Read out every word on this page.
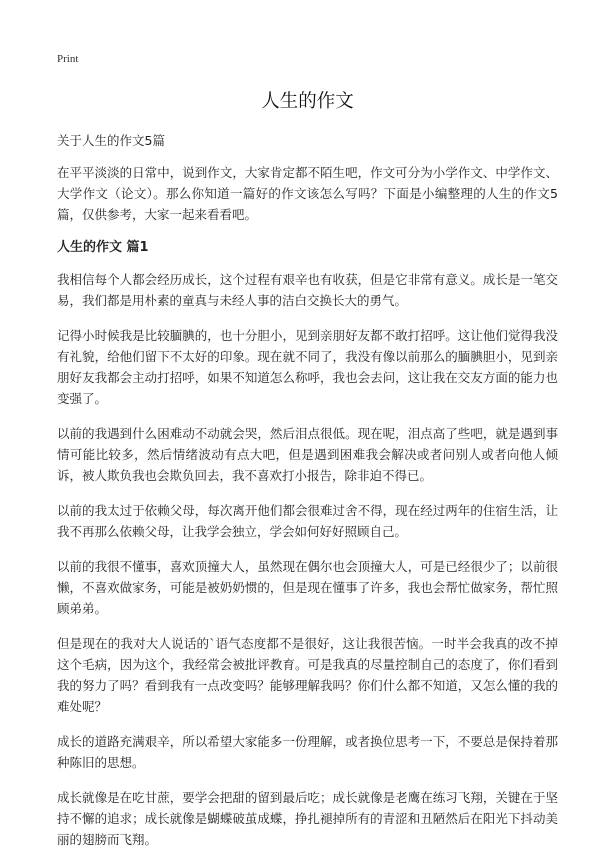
Print
人生的作文

关于人生的作文5篇

在平平淡淡的日常中，说到作文，大家肯定都不陌生吧，作文可分为小学作文、中学作文、大学作文（论文）。那么你知道一篇好的作文该怎么写吗？下面是小编整理的人生的作文5篇，仅供参考，大家一起来看看吧。

人生的作文 篇1

我相信每个人都会经历成长，这个过程有艰辛也有收获，但是它非常有意义。成长是一笔交易，我们都是用朴素的童真与未经人事的洁白交换长大的勇气。

记得小时候我是比较腼腆的，也十分胆小，见到亲朋好友都不敢打招呼。这让他们觉得我没有礼貌，给他们留下不太好的印象。现在就不同了，我没有像以前那么的腼腆胆小，见到亲朋好友我都会主动打招呼，如果不知道怎么称呼，我也会去问，这让我在交友方面的能力也变强了。

以前的我遇到什么困难动不动就会哭，然后泪点很低。现在呢，泪点高了些吧，就是遇到事情可能比较多，然后情绪波动有点大吧，但是遇到困难我会解决或者问别人或者向他人倾诉，被人欺负我也会欺负回去，我不喜欢打小报告，除非迫不得已。

以前的我太过于依赖父母，每次离开他们都会很难过舍不得，现在经过两年的住宿生活，让我不再那么依赖父母，让我学会独立，学会如何好好照顾自己。

以前的我很不懂事，喜欢顶撞大人，虽然现在偶尔也会顶撞大人，可是已经很少了；以前很懒，不喜欢做家务，可能是被奶奶惯的，但是现在懂事了许多，我也会帮忙做家务，帮忙照顾弟弟。

但是现在的我对大人说话的`语气态度都不是很好，这让我很苦恼。一时半会我真的改不掉这个毛病，因为这个，我经常会被批评教育。可是我真的尽量控制自己的态度了，你们看到我的努力了吗？看到我有一点改变吗？能够理解我吗？你们什么都不知道，又怎么懂的我的难处呢？

成长的道路充满艰辛，所以希望大家能多一份理解，或者换位思考一下，不要总是保持着那种陈旧的思想。

成长就像是在吃甘蔗，要学会把甜的留到最后吃；成长就像是老鹰在练习飞翔，关键在于坚持不懈的追求；成长就像是蝴蝶破茧成蝶，挣扎褪掉所有的青涩和丑陋然后在阳光下抖动美丽的翅膀而飞翔。
